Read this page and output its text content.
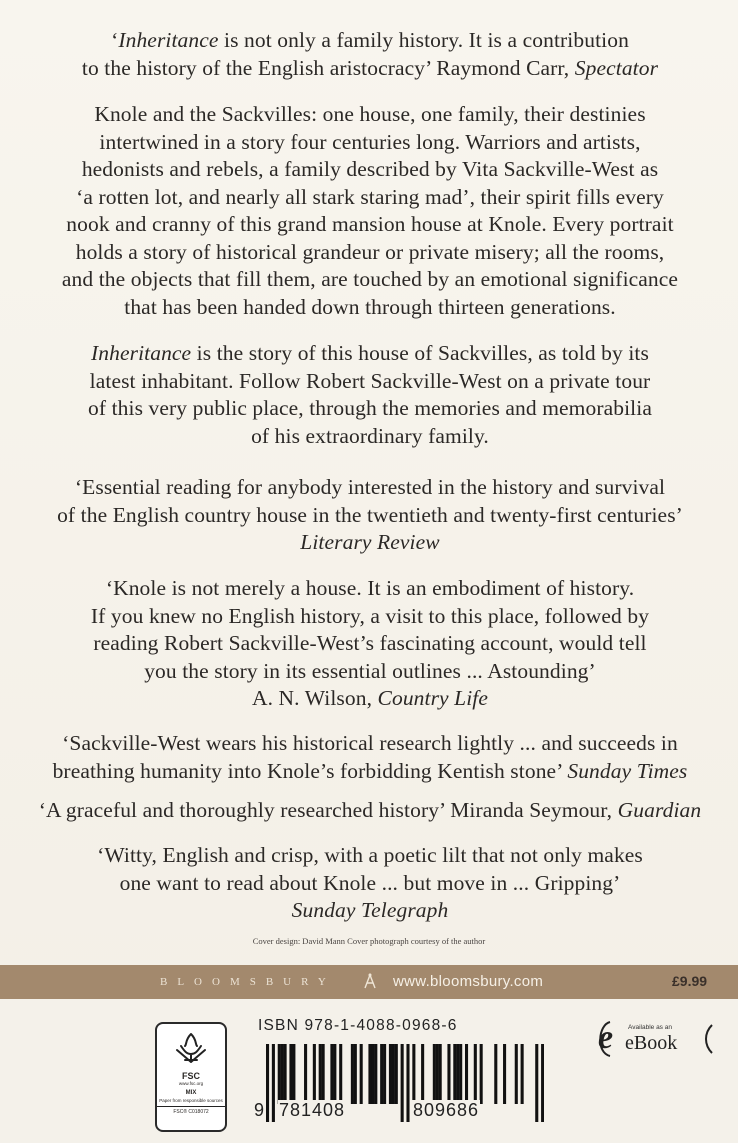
‘Inheritance is not only a family history. It is a contribution

to the history of the English aristocracy’ Raymond Carr, Spectator

Knole and the Sackvilles: one house, one family, their destinies

intertwined in a story four centuries long. Warriors and artists,

hedonists and rebels, a family described by Vita Sackville-West as

‘a rotten lot, and nearly all stark staring mad’, their spirit fills every

nook and cranny of this grand mansion house at Knole. Every portrait

holds a story of historical grandeur or private misery; all the rooms,

and the objects that fill them, are touched by an emotional significance

that has been handed down through thirteen generations.

Inheritance is the story of this house of Sackvilles, as told by its

latest inhabitant. Follow Robert Sackville-West on a private tour

of this very public place, through the memories and memorabilia

of his extraordinary family.

‘Essential reading for anybody interested in the history and survival

of the English country house in the twentieth and twenty-first centuries’

Literary Review

‘Knole is not merely a house. It is an embodiment of history.

If you knew no English history, a visit to this place, followed by

reading Robert Sackville-West’s fascinating account, would tell

you the story in its essential outlines ... Astounding’

A. N. Wilson, Country Life

‘Sackville-West wears his historical research lightly ... and succeeds in

breathing humanity into Knole’s forbidding Kentish stone’ Sunday Times

‘A graceful and thoroughly researched history’ Miranda Seymour, Guardian

‘Witty, English and crisp, with a poetic lilt that not only makes

one want to read about Knole ... but move in ... Gripping’

Sunday Telegraph

Cover design: David Mann Cover photograph courtesy of the author
BLOOMSBURY	www.bloomsbury.com	£9.99
FSC
www.fsc.org
MIX
Paper from responsible sources
FSC® C018072
ISBN 978-1-4088-0968-6
9 781408	809686
e Available as an
eBook
